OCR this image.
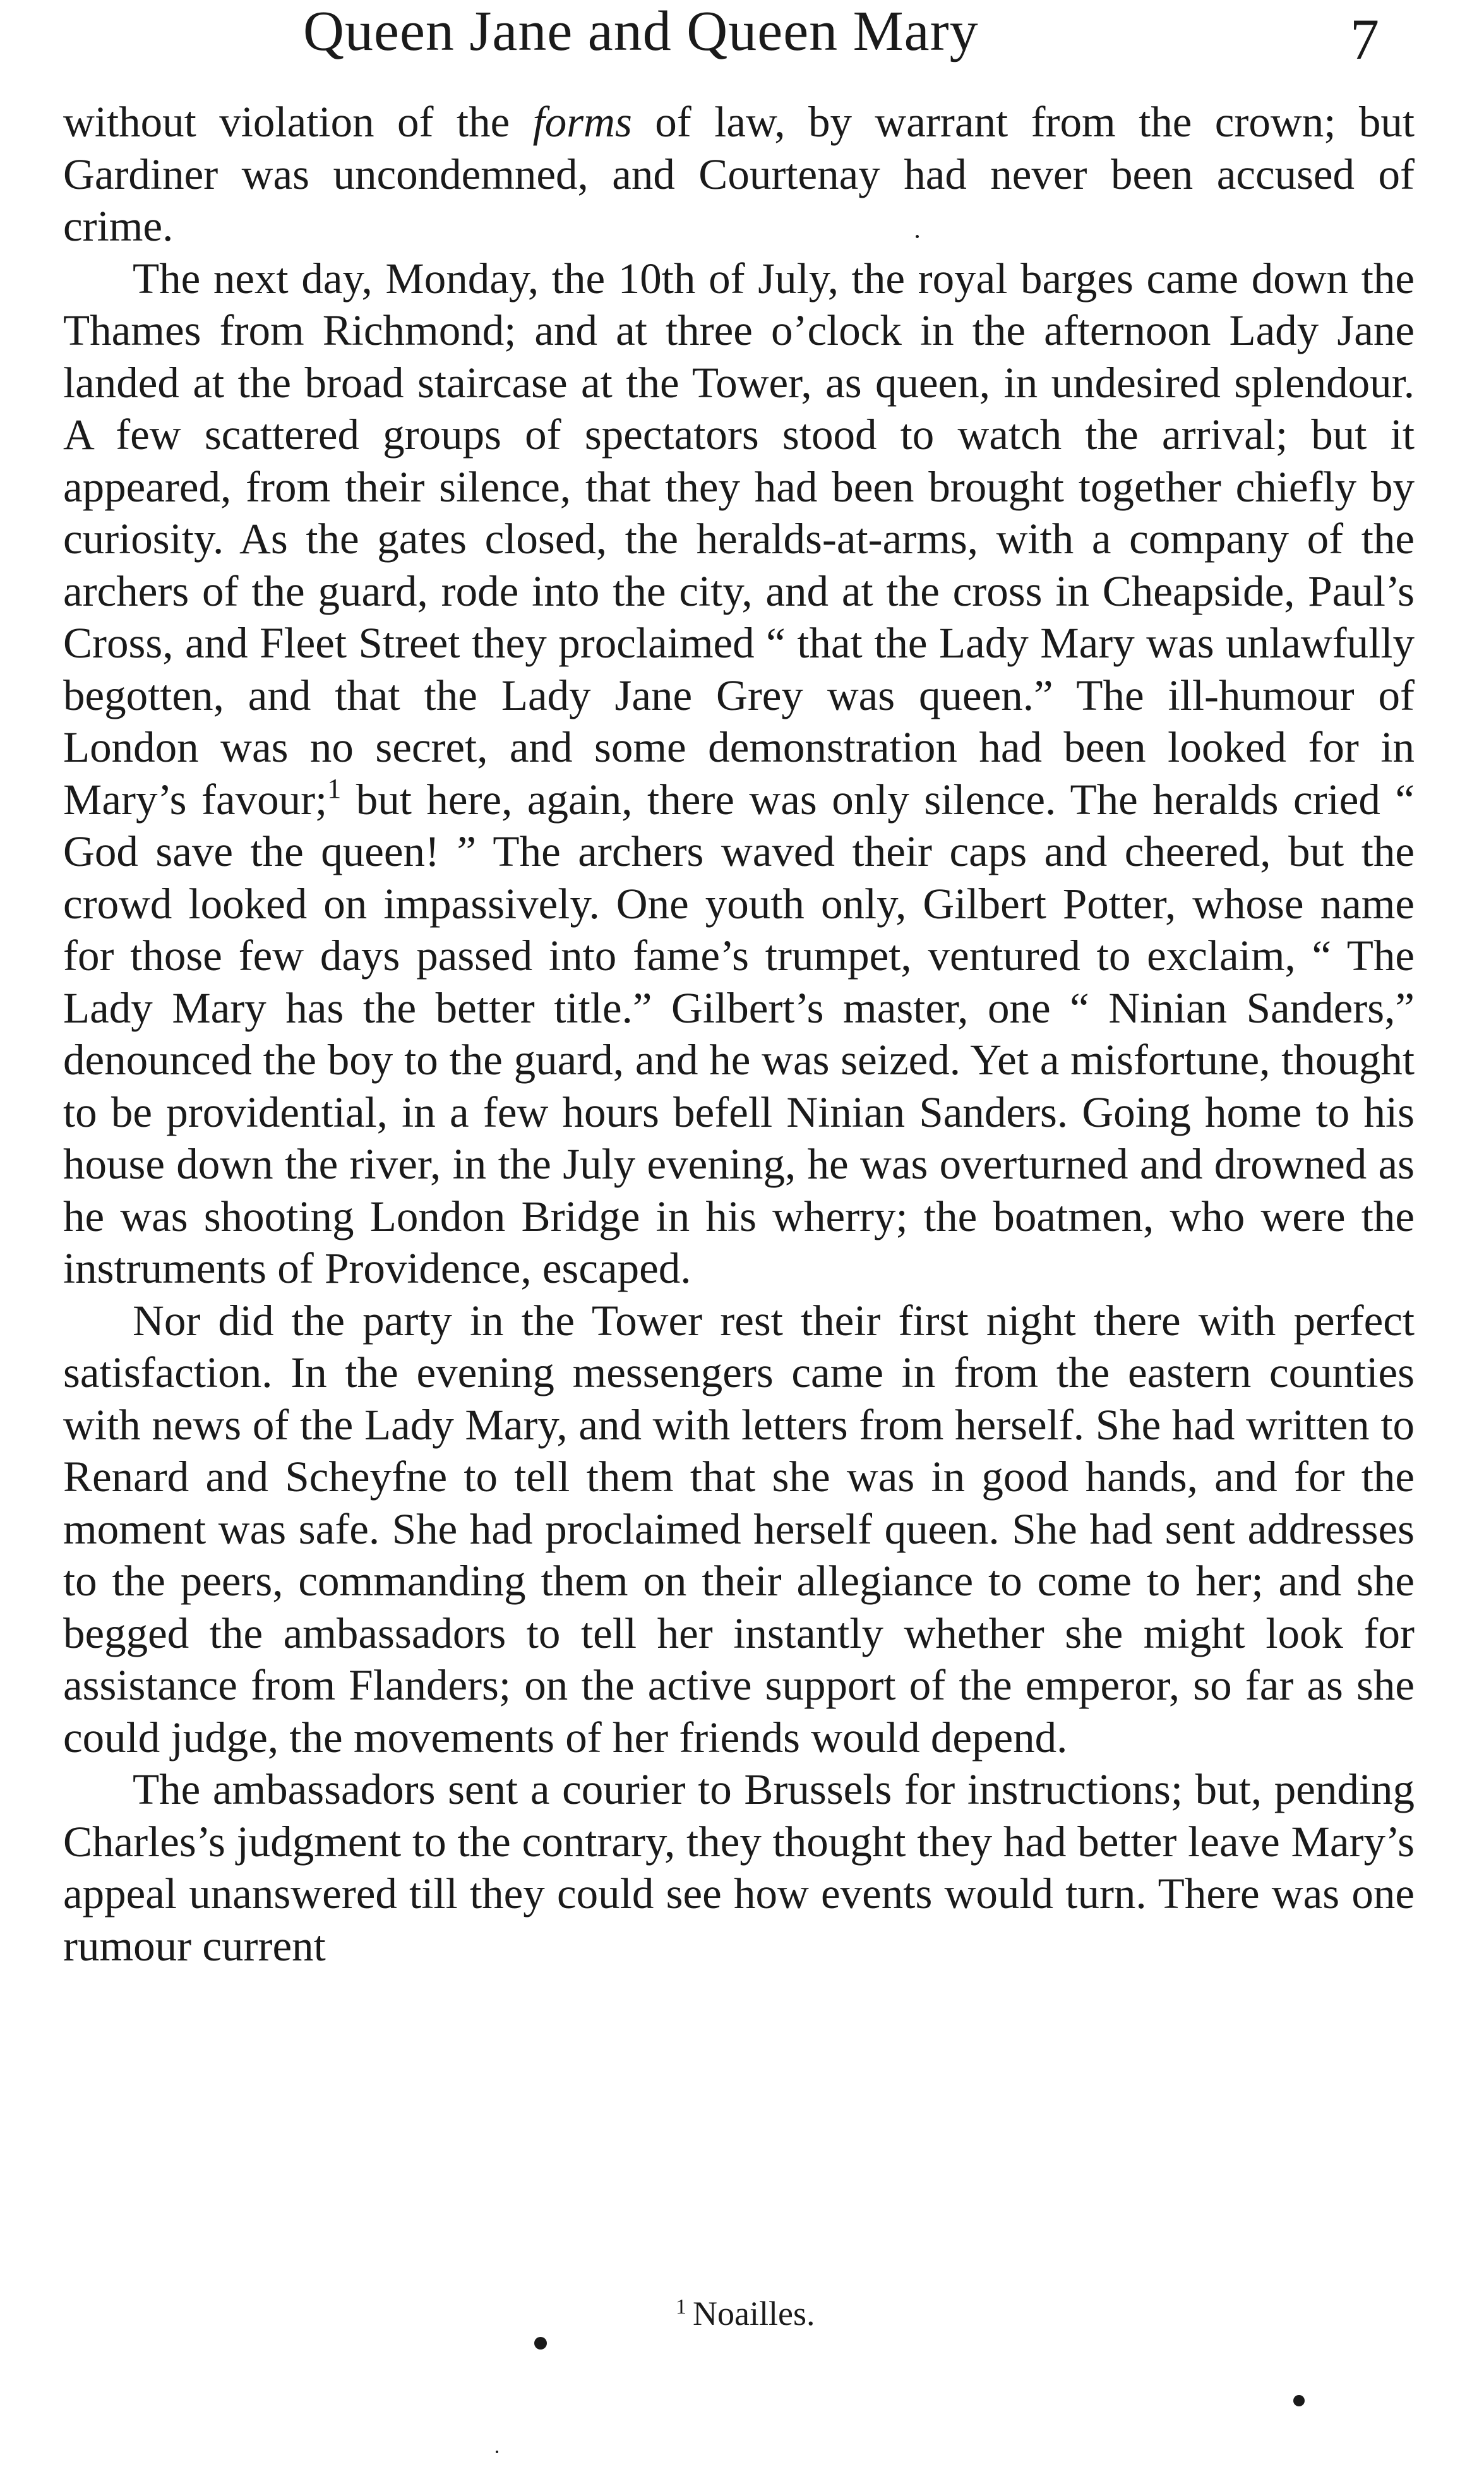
Queen Jane and Queen Mary	7

without violation of the forms of law, by warrant from the crown; but Gardiner was uncondemned, and Courtenay had never been accused of crime.

The next day, Monday, the 10th of July, the royal barges came down the Thames from Richmond; and at three o’clock in the afternoon Lady Jane landed at the broad staircase at the Tower, as queen, in undesired splendour. A few scattered groups of spectators stood to watch the arrival; but it appeared, from their silence, that they had been brought together chiefly by curiosity. As the gates closed, the heralds-at-arms, with a company of the archers of the guard, rode into the city, and at the cross in Cheapside, Paul’s Cross, and Fleet Street they proclaimed “ that the Lady Mary was unlawfully begotten, and that the Lady Jane Grey was queen.” The ill-humour of London was no secret, and some demonstration had been looked for in Mary’s favour;$^1$ but here, again, there was only silence. The heralds cried “ God save the queen! ” The archers waved their caps and cheered, but the crowd looked on impassively. One youth only, Gilbert Potter, whose name for those few days passed into fame’s trumpet, ventured to exclaim, “ The Lady Mary has the better title.” Gilbert’s master, one “ Ninian Sanders,” denounced the boy to the guard, and he was seized. Yet a misfortune, thought to be providential, in a few hours befell Ninian Sanders. Going home to his house down the river, in the July evening, he was overturned and drowned as he was shooting London Bridge in his wherry; the boatmen, who were the instruments of Providence, escaped.

Nor did the party in the Tower rest their first night there with perfect satisfaction. In the evening messengers came in from the eastern counties with news of the Lady Mary, and with letters from herself. She had written to Renard and Scheyfne to tell them that she was in good hands, and for the moment was safe. She had proclaimed herself queen. She had sent addresses to the peers, commanding them on their allegiance to come to her; and she begged the ambassadors to tell her instantly whether she might look for assistance from Flanders; on the active support of the emperor, so far as she could judge, the movements of her friends would depend.

The ambassadors sent a courier to Brussels for instructions; but, pending Charles’s judgment to the contrary, they thought they had better leave Mary’s appeal unanswered till they could see how events would turn. There was one rumour current

$^1$ Noailles.
